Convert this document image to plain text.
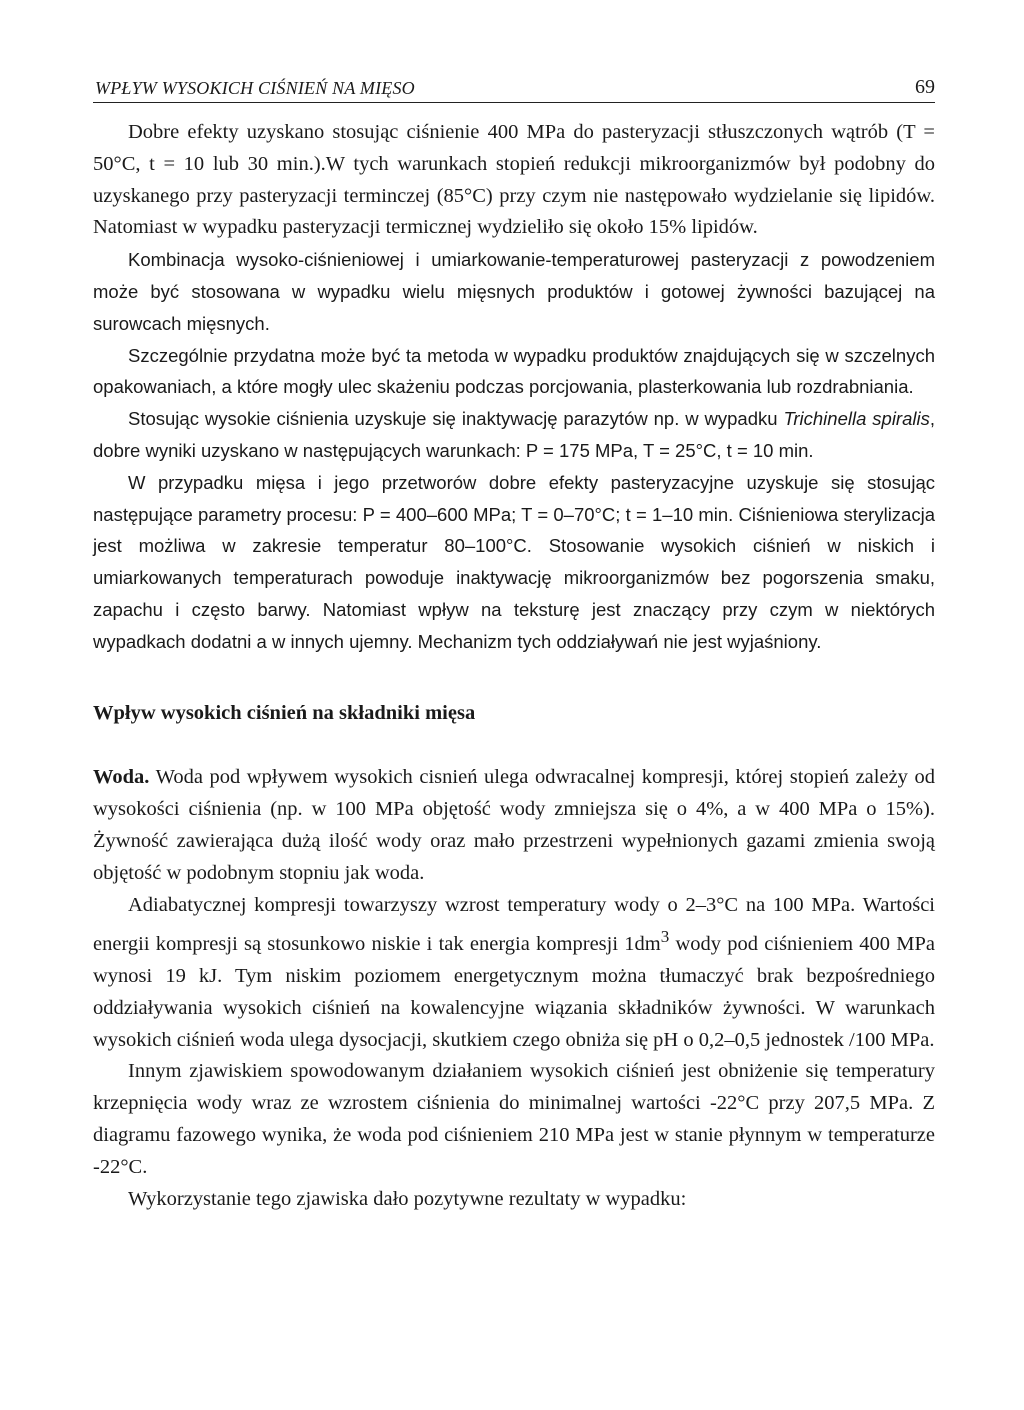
WPŁYW WYSOKICH CIŚNIEŃ NA MIĘSO	69

Dobre efekty uzyskano stosując ciśnienie 400 MPa do pasteryzacji stłuszczonych wątrób (T = 50°C, t = 10 lub 30 min.).W tych warunkach stopień redukcji mikroorganizmów był podobny do uzyskanego przy pasteryzacji terminczej (85°C) przy czym nie następowało wydzielanie się lipidów. Natomiast w wypadku pasteryzacji termicznej wydzieliło się około 15% lipidów.

Kombinacja wysoko-ciśnieniowej i umiarkowanie-temperaturowej pasteryzacji z powodzeniem może być stosowana w wypadku wielu mięsnych produktów i gotowej żywności bazującej na surowcach mięsnych.

Szczególnie przydatna może być ta metoda w wypadku produktów znajdujących się w szczelnych opakowaniach, a które mogły ulec skażeniu podczas porcjowania, plasterkowania lub rozdrabniania.

Stosując wysokie ciśnienia uzyskuje się inaktywację parazytów np. w wypadku Trichinella spiralis, dobre wyniki uzyskano w następujących warunkach: P = 175 MPa, T = 25°C, t = 10 min.

W przypadku mięsa i jego przetworów dobre efekty pasteryzacyjne uzyskuje się stosując następujące parametry procesu: P = 400–600 MPa; T = 0–70°C; t = 1–10 min. Ciśnieniowa sterylizacja jest możliwa w zakresie temperatur 80–100°C. Stosowanie wysokich ciśnień w niskich i umiarkowanych temperaturach powoduje inaktywację mikroorganizmów bez pogorszenia smaku, zapachu i często barwy. Natomiast wpływ na teksturę jest znaczący przy czym w niektórych wypadkach dodatni a w innych ujemny. Mechanizm tych oddziaływań nie jest wyjaśniony.

Wpływ wysokich ciśnień na składniki mięsa

Woda. Woda pod wpływem wysokich cisnień ulega odwracalnej kompresji, której stopień zależy od wysokości ciśnienia (np. w 100 MPa objętość wody zmniejsza się o 4%, a w 400 MPa o 15%). Żywność zawierająca dużą ilość wody oraz mało przestrzeni wypełnionych gazami zmienia swoją objętość w podobnym stopniu jak woda.

Adiabatycznej kompresji towarzyszy wzrost temperatury wody o 2–3°C na 100 MPa. Wartości energii kompresji są stosunkowo niskie i tak energia kompresji $1dm^3$ wody pod ciśnieniem 400 MPa wynosi 19 kJ. Tym niskim poziomem energetycznym można tłumaczyć brak bezpośredniego oddziaływania wysokich ciśnień na kowalencyjne wiązania składników żywności. W warunkach wysokich ciśnień woda ulega dysocjacji, skutkiem czego obniża się pH o 0,2–0,5 jednostek /100 MPa.

Innym zjawiskiem spowodowanym działaniem wysokich ciśnień jest obniżenie się temperatury krzepnięcia wody wraz ze wzrostem ciśnienia do minimalnej wartości -22°C przy 207,5 MPa. Z diagramu fazowego wynika, że woda pod ciśnieniem 210 MPa jest w stanie płynnym w temperaturze -22°C.

Wykorzystanie tego zjawiska dało pozytywne rezultaty w wypadku:
